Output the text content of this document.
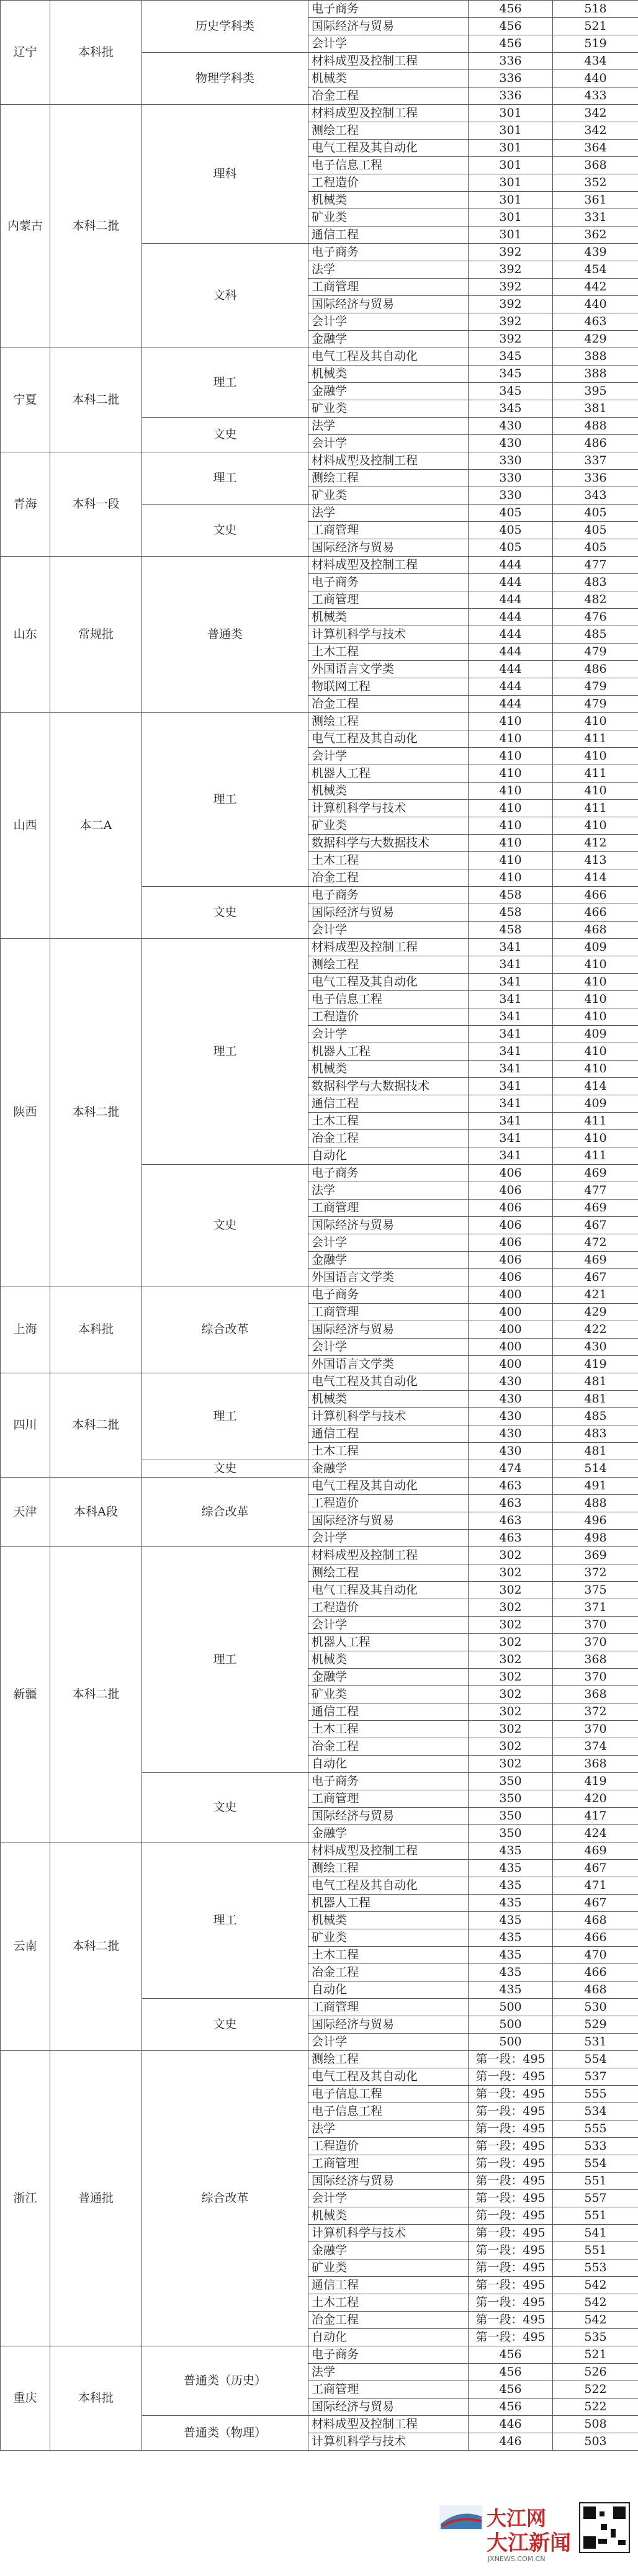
辽宁	本科批	历史学科类	电子商务	456	518
			国际经济与贸易	456	521
			会计学	456	519
		物理学科类	材料成型及控制工程	336	434
			机械类	336	440
			冶金工程	336	433
内蒙古	本科二批	理科	材料成型及控制工程	301	342
			测绘工程	301	342
			电气工程及其自动化	301	364
			电子信息工程	301	368
			工程造价	301	352
			机械类	301	361
			矿业类	301	331
			通信工程	301	362
		文科	电子商务	392	439
			法学	392	454
			工商管理	392	442
			国际经济与贸易	392	440
			会计学	392	463
			金融学	392	429
宁夏	本科二批	理工	电气工程及其自动化	345	388
			机械类	345	388
			金融学	345	395
			矿业类	345	381
		文史	法学	430	488
			会计学	430	486
青海	本科一段	理工	材料成型及控制工程	330	337
			测绘工程	330	336
			矿业类	330	343
		文史	法学	405	405
			工商管理	405	405
			国际经济与贸易	405	405
山东	常规批	普通类	材料成型及控制工程	444	477
			电子商务	444	483
			工商管理	444	482
			机械类	444	476
			计算机科学与技术	444	485
			土木工程	444	479
			外国语言文学类	444	486
			物联网工程	444	479
			冶金工程	444	479
山西	本二A	理工	测绘工程	410	410
			电气工程及其自动化	410	411
			会计学	410	410
			机器人工程	410	411
			机械类	410	410
			计算机科学与技术	410	411
			矿业类	410	410
			数据科学与大数据技术	410	412
			土木工程	410	413
			冶金工程	410	414
		文史	电子商务	458	466
			国际经济与贸易	458	466
			会计学	458	468
陕西	本科二批	理工	材料成型及控制工程	341	409
			测绘工程	341	410
			电气工程及其自动化	341	410
			电子信息工程	341	410
			工程造价	341	410
			会计学	341	409
			机器人工程	341	410
			机械类	341	410
			数据科学与大数据技术	341	414
			通信工程	341	409
			土木工程	341	411
			冶金工程	341	410
			自动化	341	411
		文史	电子商务	406	469
			法学	406	477
			工商管理	406	469
			国际经济与贸易	406	467
			会计学	406	472
			金融学	406	469
			外国语言文学类	406	467
上海	本科批	综合改革	电子商务	400	421
			工商管理	400	429
			国际经济与贸易	400	422
			会计学	400	430
			外国语言文学类	400	419
四川	本科二批	理工	电气工程及其自动化	430	481
			机械类	430	481
			计算机科学与技术	430	485
			通信工程	430	483
			土木工程	430	481
		文史	金融学	474	514
天津	本科A段	综合改革	电气工程及其自动化	463	491
			工程造价	463	488
			国际经济与贸易	463	496
			会计学	463	498
新疆	本科二批	理工	材料成型及控制工程	302	369
			测绘工程	302	372
			电气工程及其自动化	302	375
			工程造价	302	371
			会计学	302	370
			机器人工程	302	370
			机械类	302	368
			金融学	302	370
			矿业类	302	368
			通信工程	302	372
			土木工程	302	370
			冶金工程	302	374
			自动化	302	368
		文史	电子商务	350	419
			工商管理	350	420
			国际经济与贸易	350	417
			金融学	350	424
云南	本科二批	理工	材料成型及控制工程	435	469
			测绘工程	435	467
			电气工程及其自动化	435	471
			机器人工程	435	467
			机械类	435	468
			矿业类	435	466
			土木工程	435	470
			冶金工程	435	466
			自动化	435	468
		文史	工商管理	500	530
			国际经济与贸易	500	529
			会计学	500	531
浙江	普通批	综合改革	测绘工程	第一段：495	554
			电气工程及其自动化	第一段：495	537
			电子信息工程	第一段：495	555
			电子信息工程	第一段：495	534
			法学	第一段：495	555
			工程造价	第一段：495	533
			工商管理	第一段：495	554
			国际经济与贸易	第一段：495	551
			会计学	第一段：495	557
			机械类	第一段：495	551
			计算机科学与技术	第一段：495	541
			金融学	第一段：495	551
			矿业类	第一段：495	553
			通信工程	第一段：495	542
			土木工程	第一段：495	542
			冶金工程	第一段：495	542
			自动化	第一段：495	535
重庆	本科批	普通类（历史）	电子商务	456	521
			法学	456	526
			工商管理	456	522
			国际经济与贸易	456	522
		普通类（物理）	材料成型及控制工程	446	508
			计算机科学与技术	446	503
大江网
大江新闻
JXNEWS.COM.CN
